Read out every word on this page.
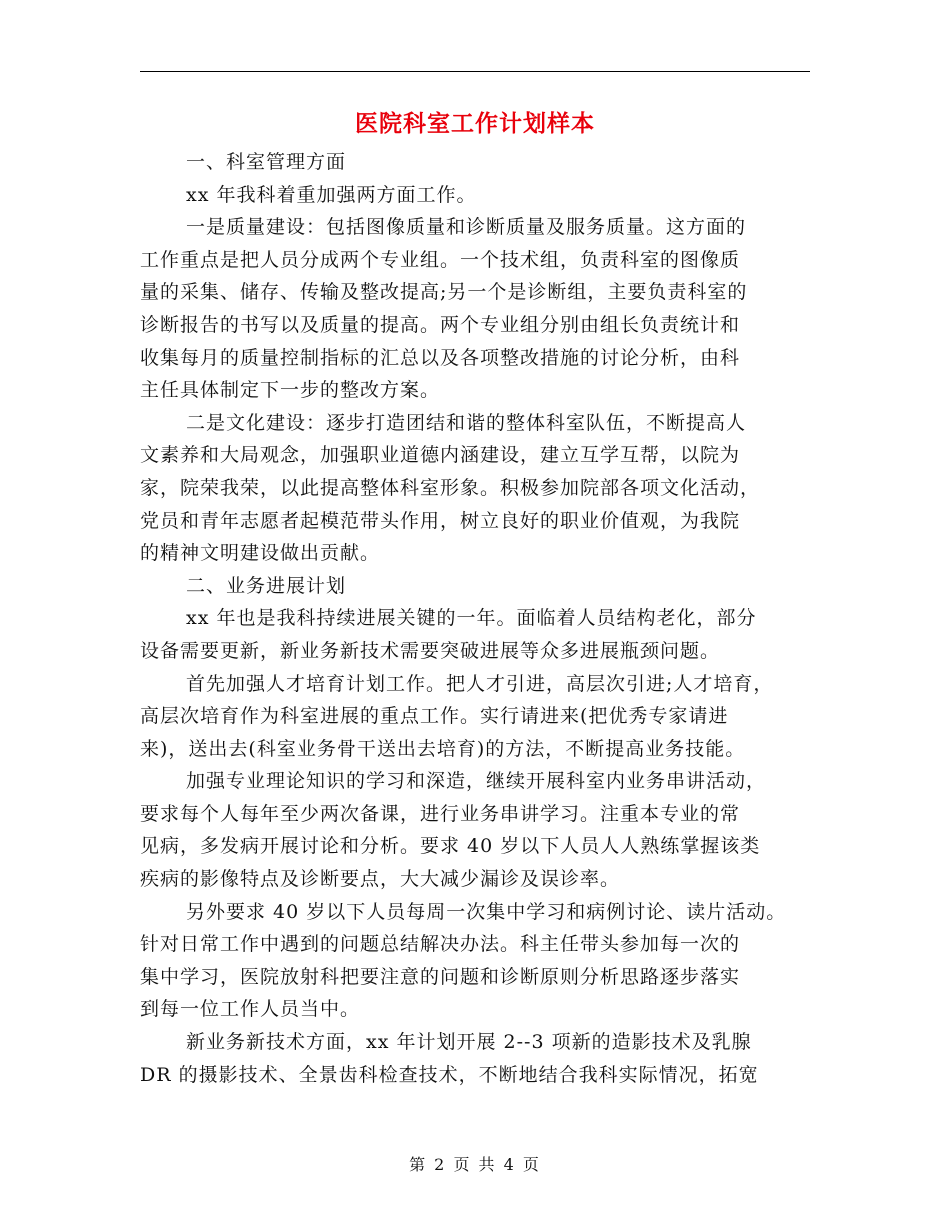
医院科室工作计划样本
一、科室管理方面
xx 年我科着重加强两方面工作。
一是质量建设：包括图像质量和诊断质量及服务质量。这方面的
工作重点是把人员分成两个专业组。一个技术组，负责科室的图像质
量的采集、储存、传输及整改提高;另一个是诊断组，主要负责科室的
诊断报告的书写以及质量的提高。两个专业组分别由组长负责统计和
收集每月的质量控制指标的汇总以及各项整改措施的讨论分析，由科
主任具体制定下一步的整改方案。
二是文化建设：逐步打造团结和谐的整体科室队伍，不断提高人
文素养和大局观念，加强职业道德内涵建设，建立互学互帮，以院为
家，院荣我荣，以此提高整体科室形象。积极参加院部各项文化活动，
党员和青年志愿者起模范带头作用，树立良好的职业价值观，为我院
的精神文明建设做出贡献。
二、业务进展计划
xx 年也是我科持续进展关键的一年。面临着人员结构老化，部分
设备需要更新，新业务新技术需要突破进展等众多进展瓶颈问题。
首先加强人才培育计划工作。把人才引进，高层次引进;人才培育，
高层次培育作为科室进展的重点工作。实行请进来(把优秀专家请进
来)，送出去(科室业务骨干送出去培育)的方法，不断提高业务技能。
加强专业理论知识的学习和深造，继续开展科室内业务串讲活动，
要求每个人每年至少两次备课，进行业务串讲学习。注重本专业的常
见病，多发病开展讨论和分析。要求 40 岁以下人员人人熟练掌握该类
疾病的影像特点及诊断要点，大大减少漏诊及误诊率。
另外要求 40 岁以下人员每周一次集中学习和病例讨论、读片活动。
针对日常工作中遇到的问题总结解决办法。科主任带头参加每一次的
集中学习，医院放射科把要注意的问题和诊断原则分析思路逐步落实
到每一位工作人员当中。
新业务新技术方面，xx 年计划开展 2--3 项新的造影技术及乳腺
DR 的摄影技术、全景齿科检查技术，不断地结合我科实际情况，拓宽
第 2 页 共 4 页
